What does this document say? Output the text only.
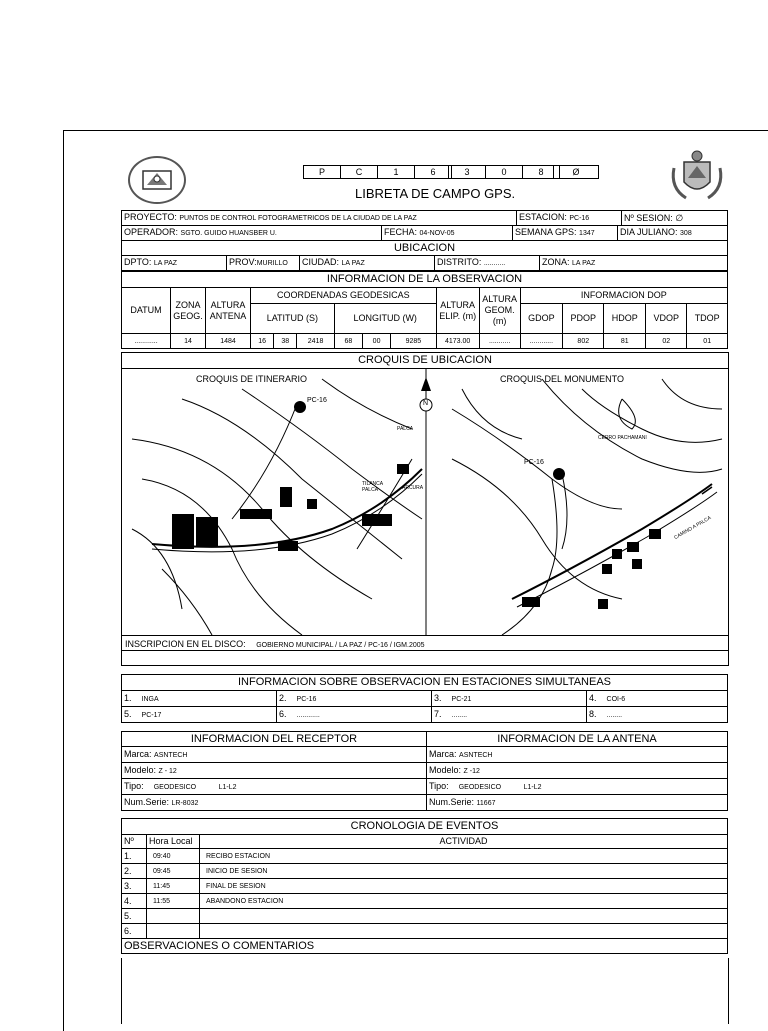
P	C	1	6	3	0	8	Ø
LIBRETA DE CAMPO GPS.
PROYECTO: PUNTOS DE CONTROL FOTOGRAMETRICOS DE LA CIUDAD DE LA PAZ	ESTACION: PC-16	Nº SESION: ∅
OPERADOR: SGTO. GUIDO HUANSBER U.	FECHA: 04-NOV-05	SEMANA GPS: 1347	DIA JULIANO: 308
UBICACION
DPTO: LA PAZ	PROV:MURILLO	CIUDAD: LA PAZ	DISTRITO: ...........	ZONA: LA PAZ
INFORMACION DE LA OBSERVACION															
DATUM	ZONA GEOG.	ALTURA ANTENA	COORDENADAS GEODESICAS						ALTURA ELIP. (m)	ALTURA GEOM. (m)	INFORMACION DOP				
			LATITUD (S)			LONGITUD (W)					GDOP	PDOP	HDOP	VDOP	TDOP
............	14	1484	16	38	2418	68	00	9285	4173.00	...........	............	802	81	02	01
CROQUIS DE UBICACION
CROQUIS DE ITINERARIO	CROQUIS DEL MONUMENTO
N
PC-16
PC-16
PALCA
TILANCA PALCA	ARCURA
CERRO PACHAMANI
CAMINO A PALCA
INSCRIPCION EN EL DISCO: GOBIERNO MUNICIPAL / LA PAZ / PC-16 / IGM.2005
INFORMACION SOBRE OBSERVACION EN ESTACIONES SIMULTANEAS			
1. INGA	2. PC-16	3. PC-21	4. COI-6
5. PC-17	6. ............	7. ........	8. ........
INFORMACION DEL RECEPTOR	INFORMACION DE LA ANTENA
Marca: ASNTECH	Marca: ASNTECH
Modelo: Z - 12	Modelo: Z -12
Tipo: GEODESICO L1-L2	Tipo: GEODESICO L1-L2
Num.Serie: LR-8032	Num.Serie: 11667
CRONOLOGIA DE EVENTOS		
Nº	Hora Local	ACTIVIDAD
1.	09:40	RECIBO ESTACION
2.	09:45	INICIO DE SESION
3.	11:45	FINAL DE SESION
4.	11:55	ABANDONO ESTACION
5.		
6.		
OBSERVACIONES O COMENTARIOS		
